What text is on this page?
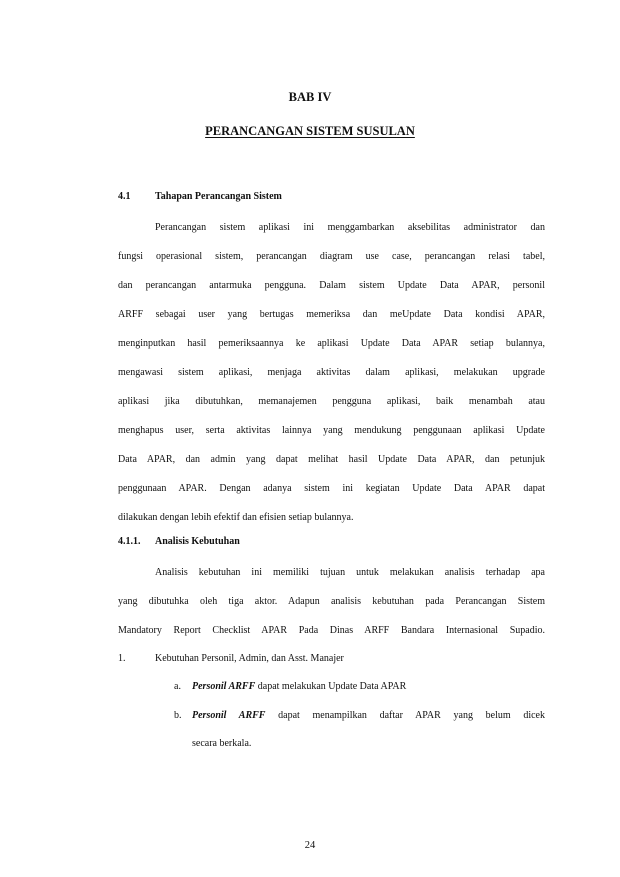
BAB IV
PERANCANGAN SISTEM SUSULAN
4.1 Tahapan Perancangan Sistem
Perancangan sistem aplikasi ini menggambarkan aksebilitas administrator dan
fungsi operasional sistem, perancangan diagram use case, perancangan relasi tabel,
dan perancangan antarmuka pengguna. Dalam sistem Update Data APAR, personil
ARFF sebagai user yang bertugas memeriksa dan meUpdate Data kondisi APAR,
menginputkan hasil pemeriksaannya ke aplikasi Update Data APAR setiap bulannya,
mengawasi sistem aplikasi, menjaga aktivitas dalam aplikasi, melakukan upgrade
aplikasi jika dibutuhkan, memanajemen pengguna aplikasi, baik menambah atau
menghapus user, serta aktivitas lainnya yang mendukung penggunaan aplikasi Update
Data APAR, dan admin yang dapat melihat hasil Update Data APAR, dan petunjuk
penggunaan APAR. Dengan adanya sistem ini kegiatan Update Data APAR dapat
dilakukan dengan lebih efektif dan efisien setiap bulannya.
4.1.1. Analisis Kebutuhan
Analisis kebutuhan ini memiliki tujuan untuk melakukan analisis terhadap apa
yang dibutuhka oleh tiga aktor. Adapun analisis kebutuhan pada Perancangan Sistem
Mandatory Report Checklist APAR Pada Dinas ARFF Bandara Internasional Supadio.
1.	Kebutuhan Personil, Admin, dan Asst. Manajer
a. Personil ARFF dapat melakukan Update Data APAR
b. Personil ARFF dapat menampilkan daftar APAR yang belum dicek
secara berkala.
24
